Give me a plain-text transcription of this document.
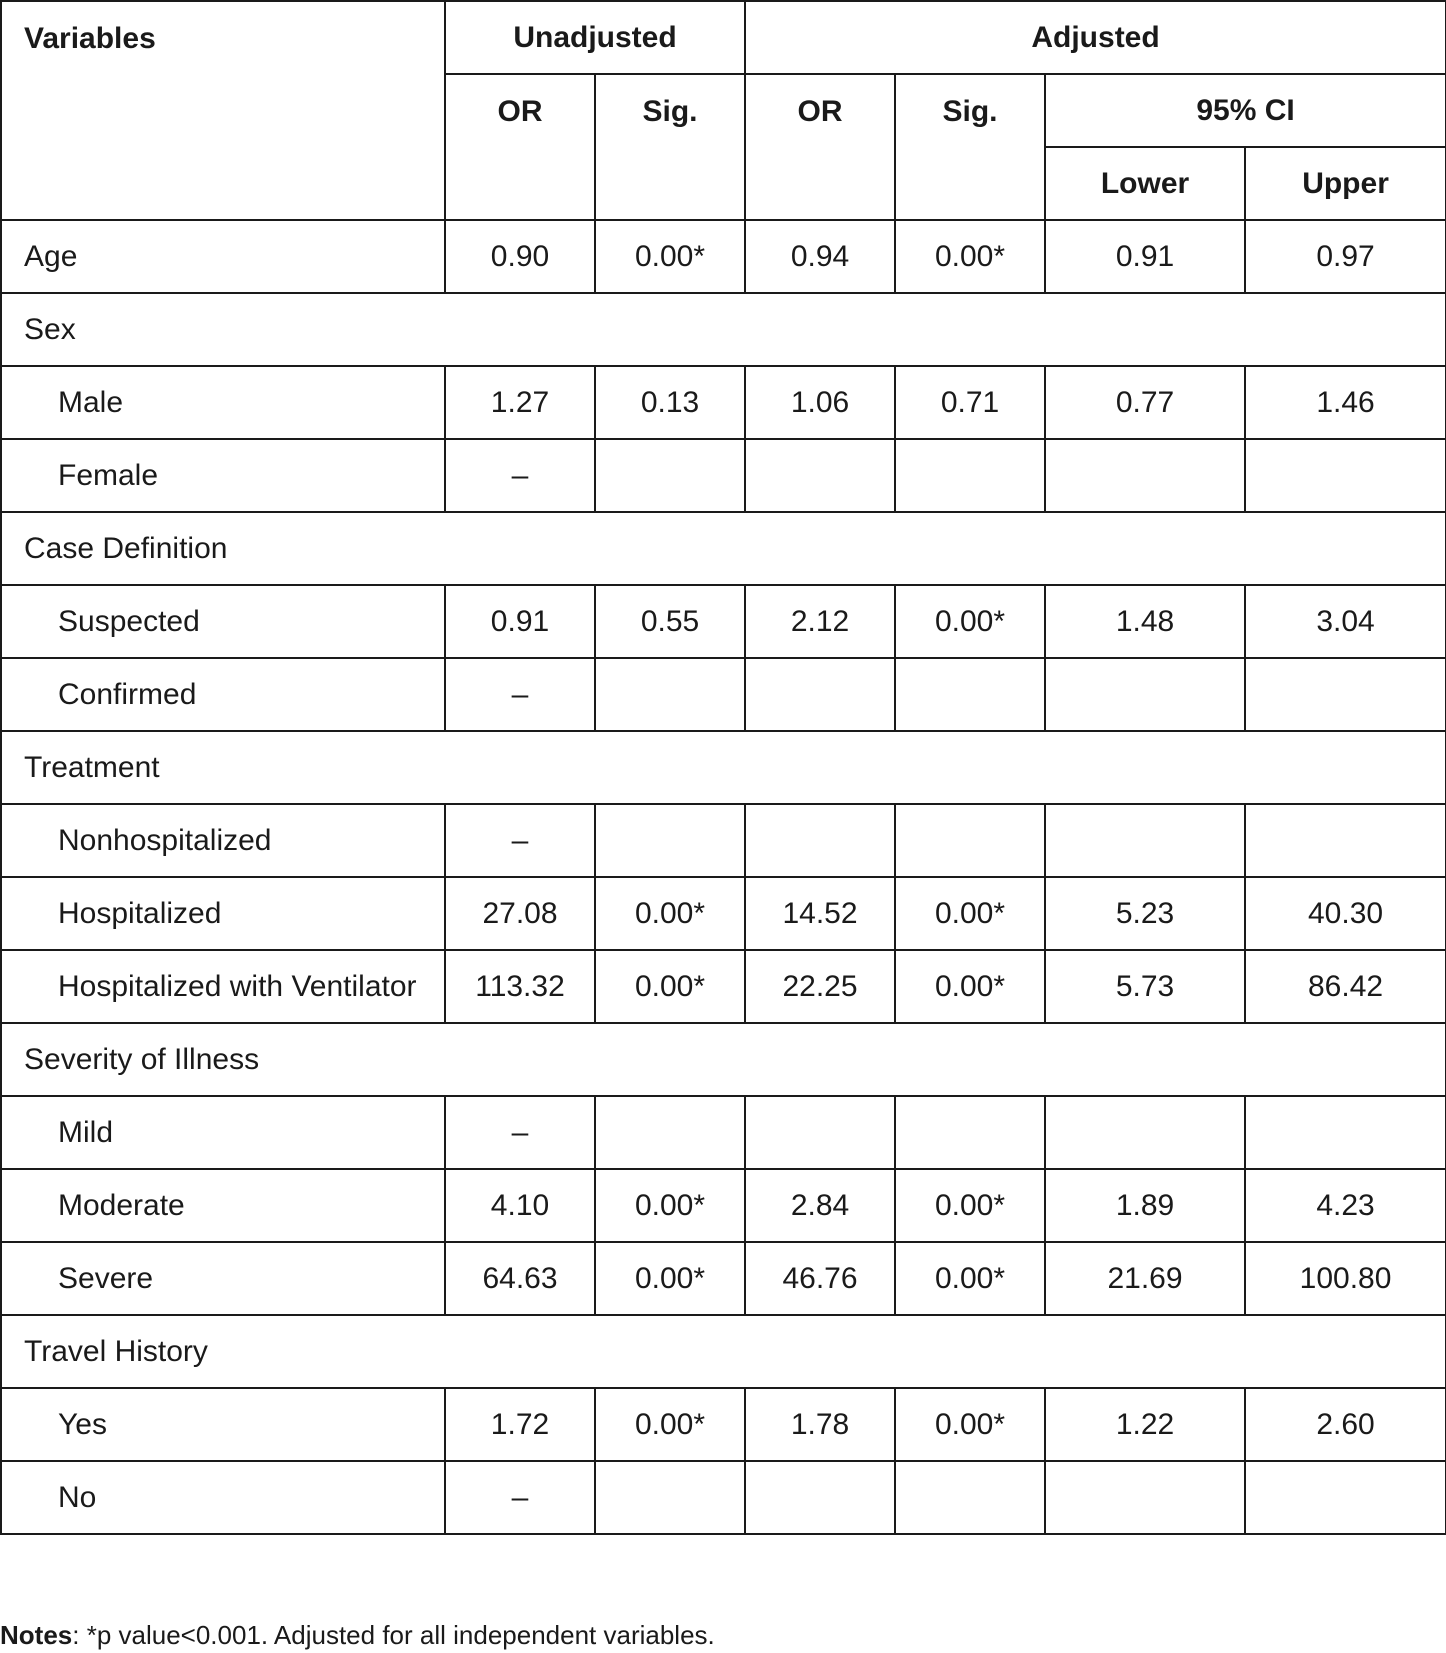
Variables	Unadjusted		Adjusted			
	OR	Sig.	OR	Sig.	95% CI	
					Lower	Upper
Age	0.90	0.00*	0.94	0.00*	0.91	0.97
Sex						
Male	1.27	0.13	1.06	0.71	0.77	1.46
Female	–					
Case Definition						
Suspected	0.91	0.55	2.12	0.00*	1.48	3.04
Confirmed	–					
Treatment						
Nonhospitalized	–					
Hospitalized	27.08	0.00*	14.52	0.00*	5.23	40.30
Hospitalized with Ventilator	113.32	0.00*	22.25	0.00*	5.73	86.42
Severity of Illness						
Mild	–					
Moderate	4.10	0.00*	2.84	0.00*	1.89	4.23
Severe	64.63	0.00*	46.76	0.00*	21.69	100.80
Travel History						
Yes	1.72	0.00*	1.78	0.00*	1.22	2.60
No	–					
Notes: *p value<0.001. Adjusted for all independent variables.
